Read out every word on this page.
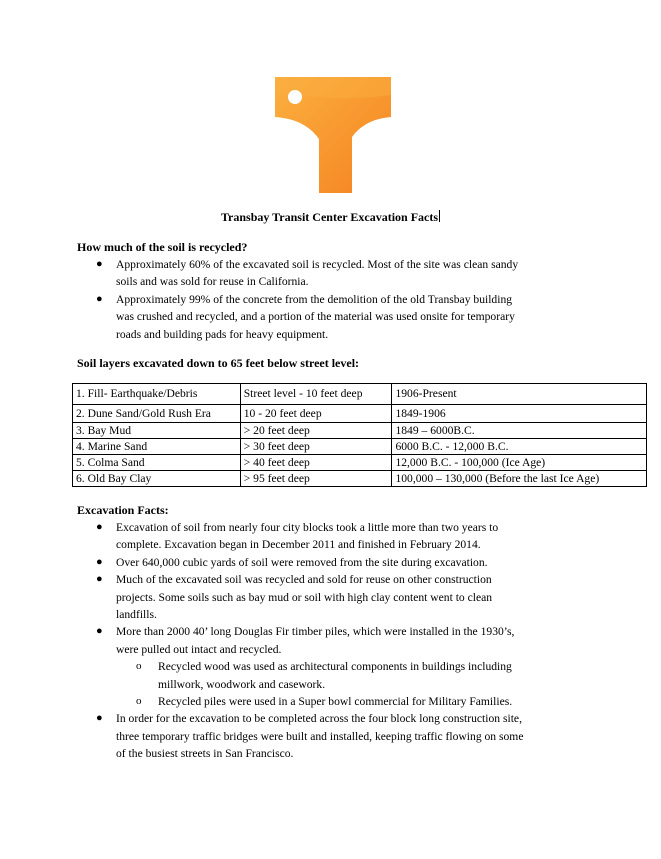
Transbay Transit Center Excavation Facts
How much of the soil is recycled?
● Approximately 60% of the excavated soil is recycled. Most of the site was clean sandy
soils and was sold for reuse in California.
● Approximately 99% of the concrete from the demolition of the old Transbay building
was crushed and recycled, and a portion of the material was used onsite for temporary
roads and building pads for heavy equipment.
Soil layers excavated down to 65 feet below street level:
1. Fill- Earthquake/Debris	Street level - 10 feet deep	1906-Present
2. Dune Sand/Gold Rush Era	10 - 20 feet deep	1849-1906
3. Bay Mud	> 20 feet deep	1849 – 6000B.C.
4. Marine Sand	> 30 feet deep	6000 B.C. - 12,000 B.C.
5. Colma Sand	> 40 feet deep	12,000 B.C. - 100,000 (Ice Age)
6. Old Bay Clay	> 95 feet deep	100,000 – 130,000 (Before the last Ice Age)
Excavation Facts:
● Excavation of soil from nearly four city blocks took a little more than two years to
complete. Excavation began in December 2011 and finished in February 2014.
● Over 640,000 cubic yards of soil were removed from the site during excavation.
● Much of the excavated soil was recycled and sold for reuse on other construction
projects. Some soils such as bay mud or soil with high clay content went to clean
landfills.
● More than 2000 40’ long Douglas Fir timber piles, which were installed in the 1930’s,
were pulled out intact and recycled.
o Recycled wood was used as architectural components in buildings including
millwork, woodwork and casework.
o Recycled piles were used in a Super bowl commercial for Military Families.
● In order for the excavation to be completed across the four block long construction site,
three temporary traffic bridges were built and installed, keeping traffic flowing on some
of the busiest streets in San Francisco.
